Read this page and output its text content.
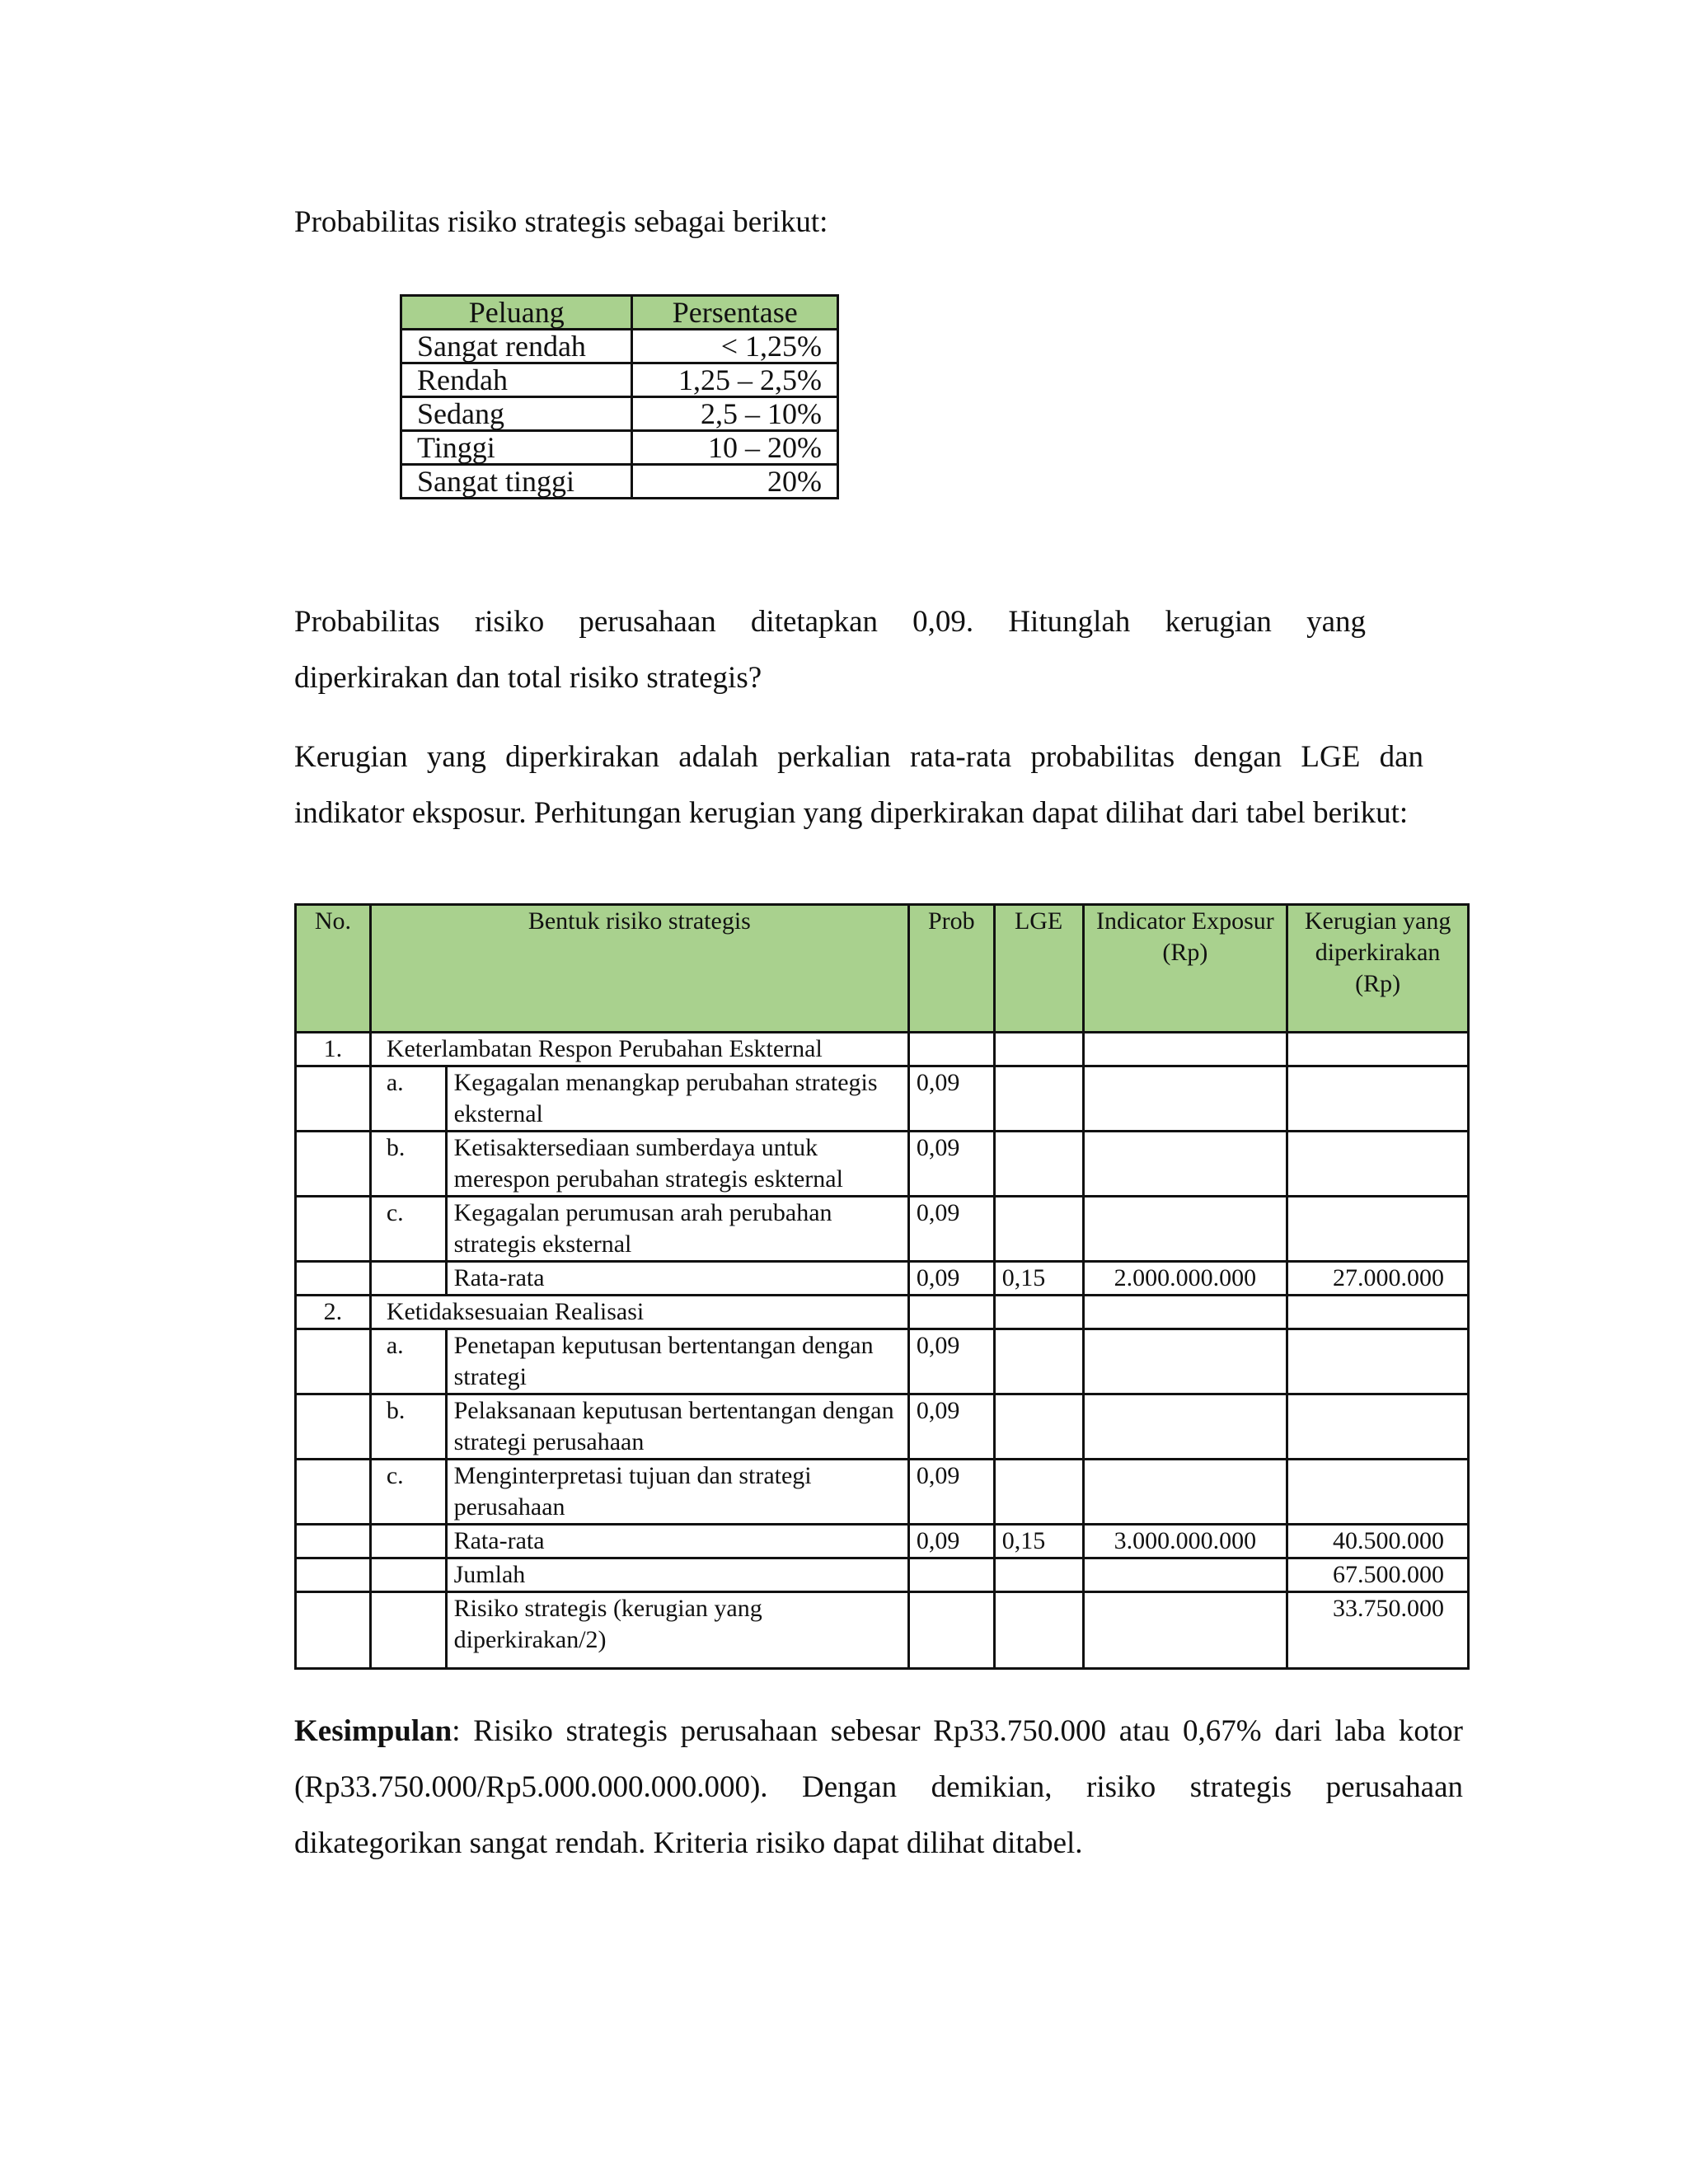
Probabilitas risiko strategis sebagai berikut:

Peluang	Persentase
Sangat rendah	< 1,25%
Rendah	1,25 – 2,5%
Sedang	2,5 – 10%
Tinggi	10 – 20%
Sangat tinggi	20%
Probabilitas risiko perusahaan ditetapkan 0,09. Hitunglah kerugian yang
diperkirakan dan total risiko strategis?

Kerugian yang diperkirakan adalah perkalian rata-rata probabilitas dengan LGE dan indikator eksposur. Perhitungan kerugian yang diperkirakan dapat dilihat dari tabel berikut:

No.	Bentuk risiko strategis		Prob	LGE	Indicator Exposur (Rp)	Kerugian yang diperkirakan (Rp)
1.	Keterlambatan Respon Perubahan Eskternal					
	a.	Kegagalan menangkap perubahan strategis eksternal	0,09			
	b.	Ketisaktersediaan sumberdaya untuk merespon perubahan strategis eskternal	0,09			
	c.	Kegagalan perumusan arah perubahan strategis eksternal	0,09			
		Rata-rata	0,09	0,15	2.000.000.000	27.000.000
2.	Ketidaksesuaian Realisasi					
	a.	Penetapan keputusan bertentangan dengan strategi	0,09			
	b.	Pelaksanaan keputusan bertentangan dengan strategi perusahaan	0,09			
	c.	Menginterpretasi tujuan dan strategi perusahaan	0,09			
		Rata-rata	0,09	0,15	3.000.000.000	40.500.000
		Jumlah				67.500.000
		Risiko strategis (kerugian yang diperkirakan/2)				33.750.000

Kesimpulan: Risiko strategis perusahaan sebesar Rp33.750.000 atau 0,67% dari laba kotor (Rp33.750.000/Rp5.000.000.000.000). Dengan demikian, risiko strategis perusahaan dikategorikan sangat rendah. Kriteria risiko dapat dilihat ditabel.
